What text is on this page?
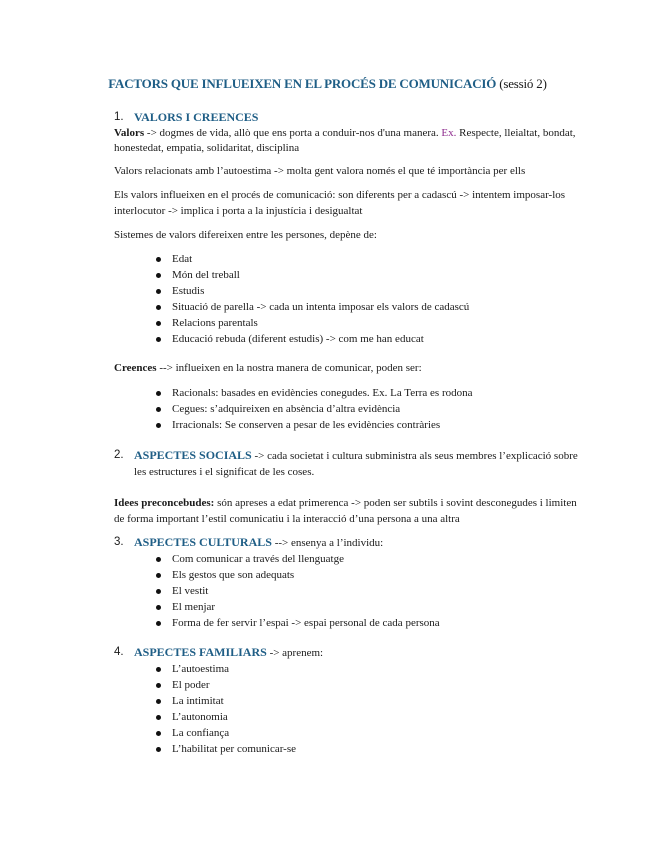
FACTORS QUE INFLUEIXEN EN EL PROCÉS DE COMUNICACIÓ (sessió 2)
1. VALORS I CREENCES

Valors -> dogmes de vida, allò que ens porta a conduir-nos d'una manera. Ex. Respecte, lleialtat, bondat, honestedat, empatia, solidaritat, disciplina

Valors relacionats amb l’autoestima -> molta gent valora només el que té importància per ells

Els valors influeixen en el procés de comunicació: son diferents per a cadascú -> intentem imposar-los interlocutor -> implica i porta a la injustícia i desigualtat

Sistemes de valors difereixen entre les persones, depène de:

Edat
Món del treball
Estudis
Situació de parella -> cada un intenta imposar els valors de cadascú
Relacions parentals
Educació rebuda (diferent estudis) -> com me han educat

Creences --> influeixen en la nostra manera de comunicar, poden ser:

Racionals: basades en evidències conegudes. Ex. La Terra es rodona
Cegues: s’adquireixen en absència d’altra evidència
Irracionals: Se conserven a pesar de les evidències contràries
2. ASPECTES SOCIALS -> cada societat i cultura subministra als seus membres l’explicació sobre les estructures i el significat de les coses.

Idees preconcebudes: són apreses a edat primerenca -> poden ser subtils i sovint desconegudes i limiten de forma important l’estil comunicatiu i la interacció d’una persona a una altra

3. ASPECTES CULTURALS --> ensenya a l’individu:
Com comunicar a través del llenguatge
Els gestos que son adequats
El vestit
El menjar
Forma de fer servir l’espai -> espai personal de cada persona
4. ASPECTES FAMILIARS -> aprenem:
L’autoestima
El poder
La intimitat
L’autonomia
La confiança
L’habilitat per comunicar-se
